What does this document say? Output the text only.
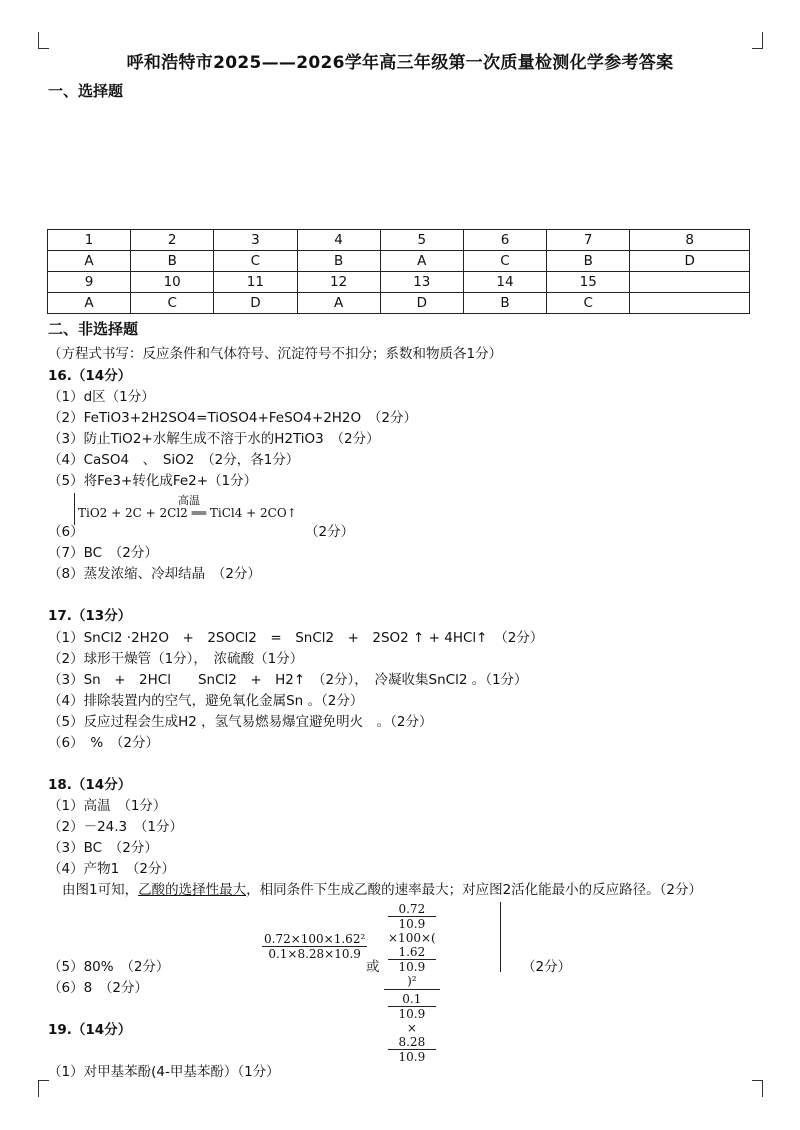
呼和浩特市2025——2026学年高三年级第一次质量检测化学参考答案
一、选择题
1	2	3	4	5	6	7	8
A	B	C	B	A	C	B	D
9	10	11	12	13	14	15	
A	C	D	A	D	B	C	
二、非选择题
（方程式书写：反应条件和气体符号、沉淀符号不扣分；系数和物质各1分）
16.（14分）
（1）d区（1分）
（2）FeTiO3+2H2SO4=TiOSO4+FeSO4+2H2O　（2分）
（3）防止TiO2+水解生成不溶于水的H2TiO3　（2分）
（4）CaSO4　、　SiO2　（2分，各1分）
（5）将Fe3+转化成Fe2+（1分）
（6）
高温
TiO2 + 2C + 2Cl2 ══ TiCl4 + 2CO↑
（2分）
（7）BC　（2分）
（8）蒸发浓缩、冷却结晶　（2分）
17.（13分）
（1）SnCl2 ·2H2O　+　2SOCl2　=　SnCl2　+　2SO2 ↑ + 4HCl↑　（2分）
（2）球形干燥管（1分），　浓硫酸（1分）
（3）Sn　+　2HCl　　SnCl2　+　H2↑　（2分），　冷凝收集SnCl2 。（1分）
（4）排除装置内的空气，避免氧化金属Sn 。（2分）
（5）反应过程会生成H2 ，氢气易燃易爆宜避免明火　。（2分）
（6）　%　（2分）
18.（14分）
（1）高温　（1分）
（2）－24.3　（1分）
（3）BC　（2分）
（4）产物1　（2分）
由图1可知，乙酸的选择性最大，相同条件下生成乙酸的速率最大；对应图2活化能最小的反应路径。（2分）
$\frac{\text{0.72×100×1.62²}}{0.1\times 8.28\times 10.9}$
或 0.72
10.9
×100×(
1.62
10.9
)²
0.1
10.9
×
8.28
10.9
（5）80%　（2分）	（2分）
（6）8　（2分）
19.（14分）
（1）对甲基苯酚(4-甲基苯酚）（1分）
